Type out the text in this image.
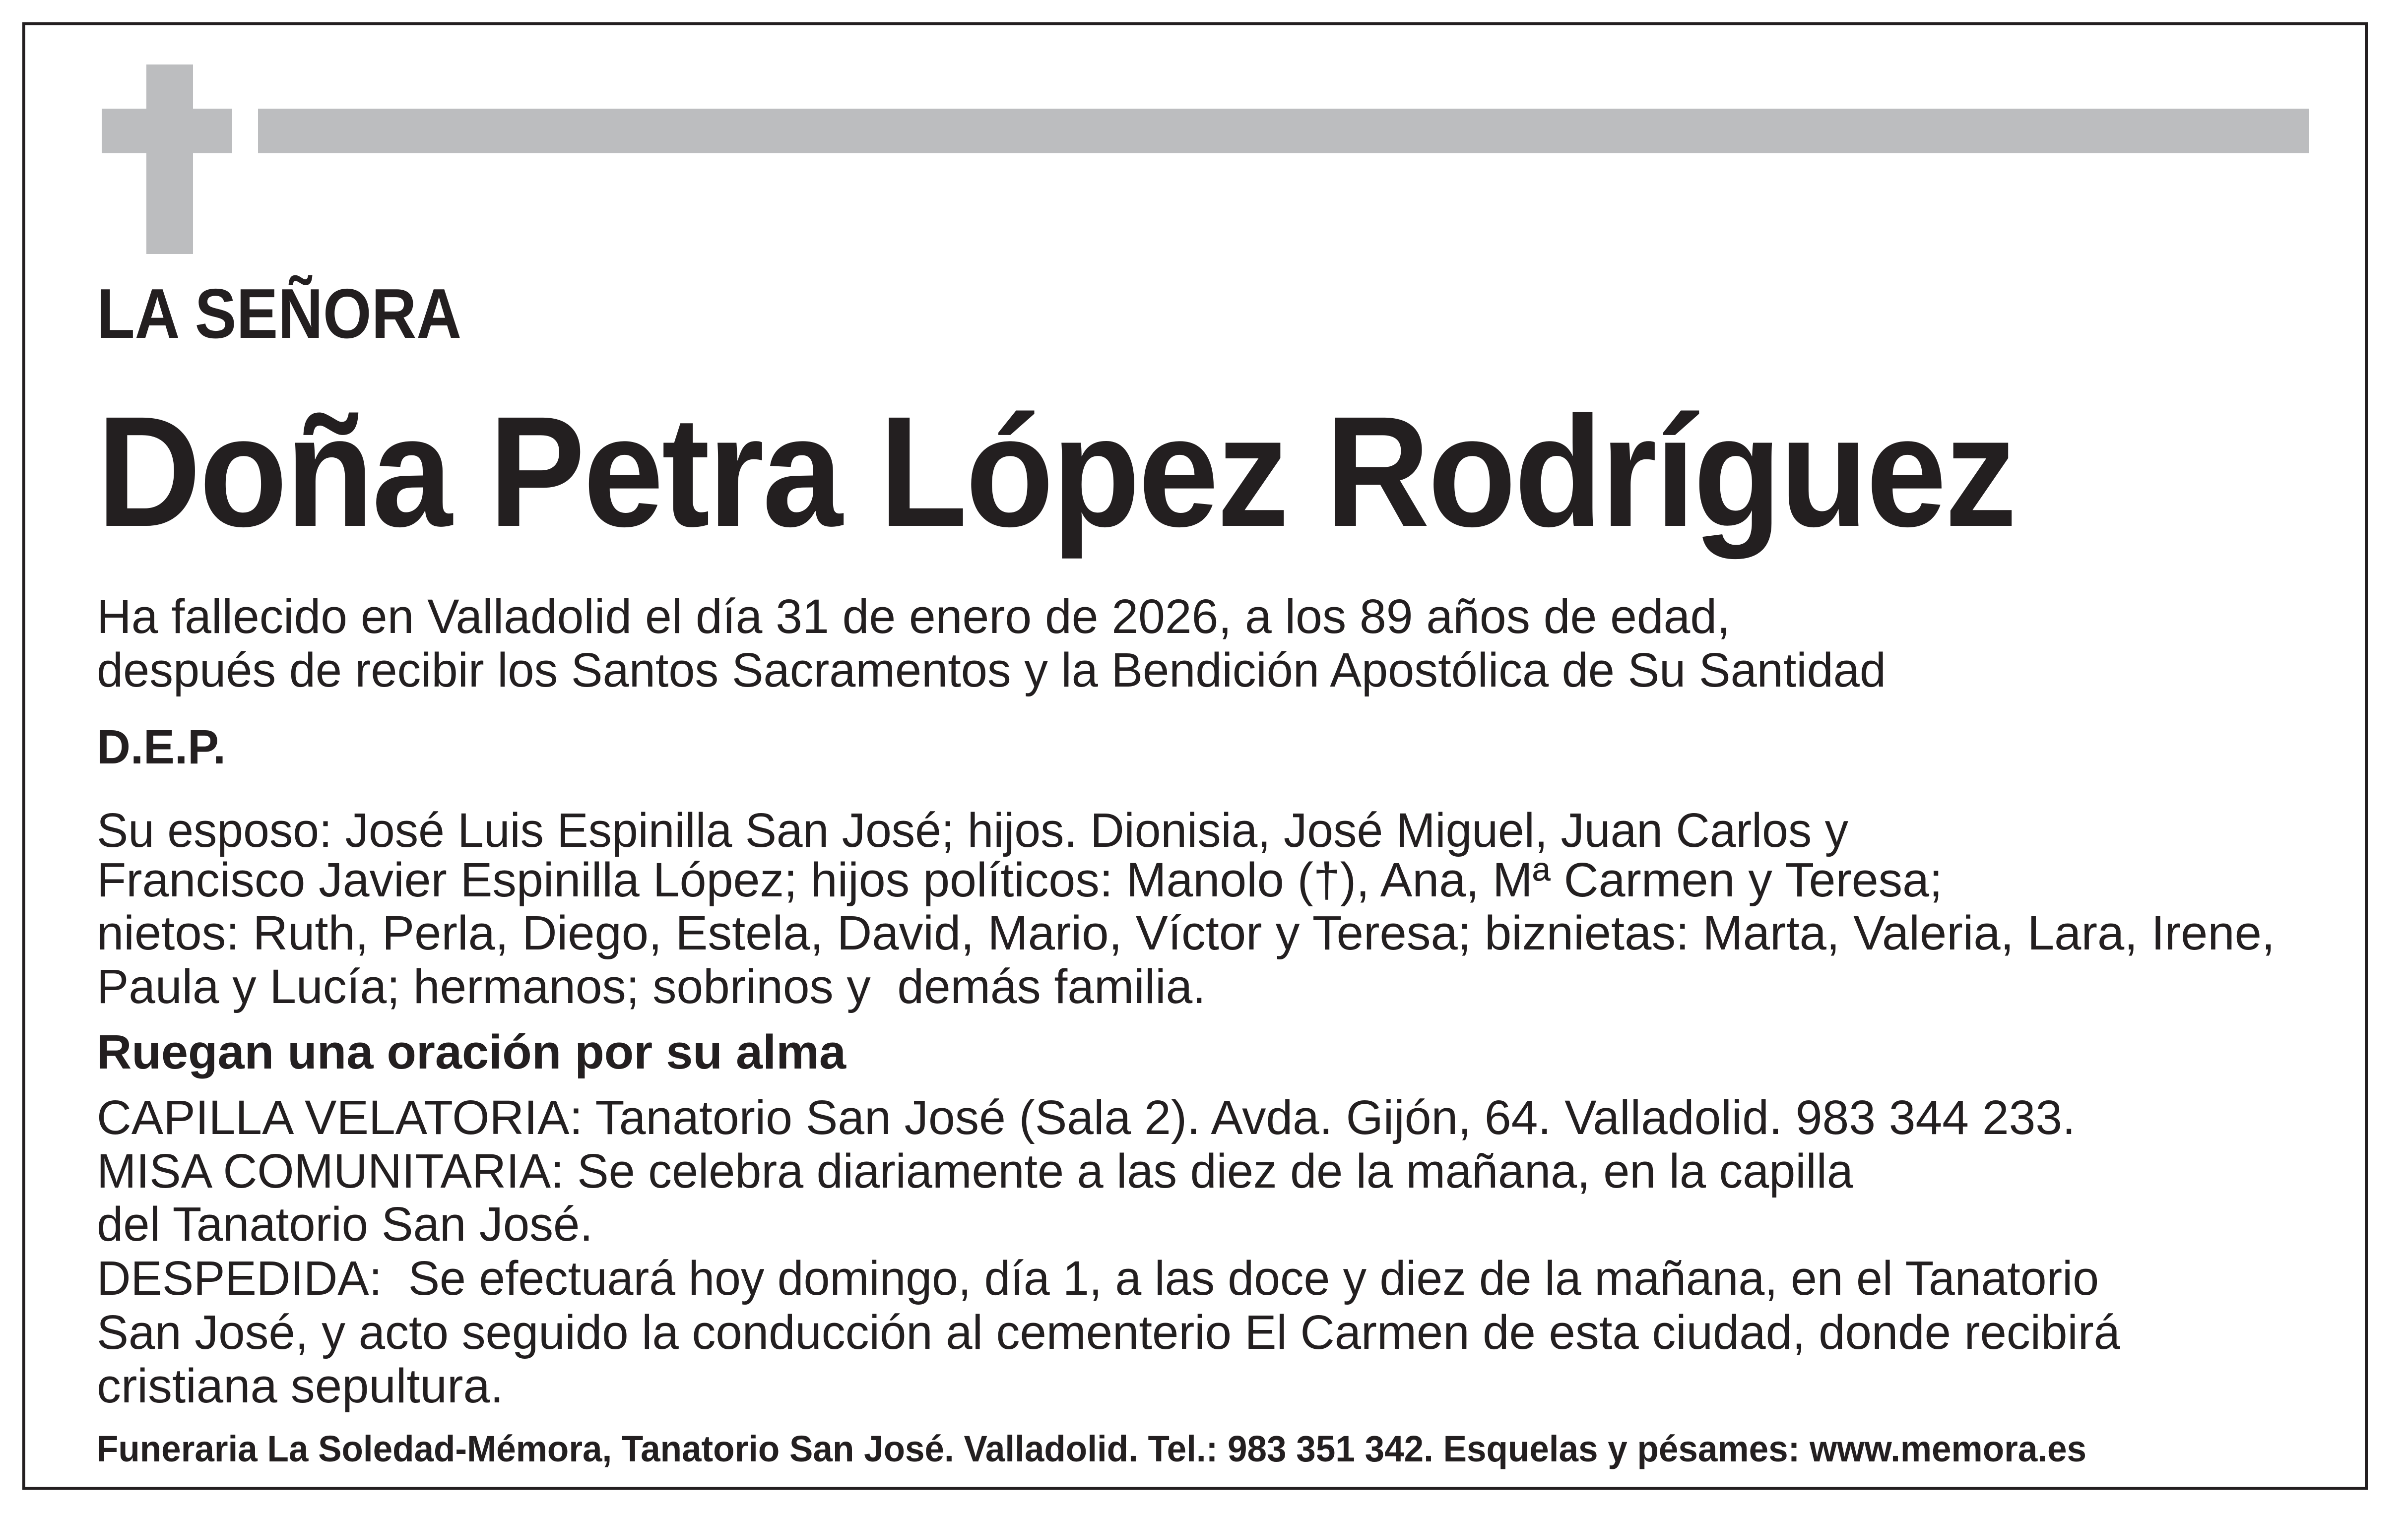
LA SEÑORA
Doña Petra López Rodríguez
Ha fallecido en Valladolid el día 31 de enero de 2026, a los 89 años de edad,
después de recibir los Santos Sacramentos y la Bendición Apostólica de Su Santidad
D.E.P.
Su esposo: José Luis Espinilla San José; hijos. Dionisia, José Miguel, Juan Carlos y
Francisco Javier Espinilla López; hijos políticos: Manolo (†), Ana, Mª Carmen y Teresa;
nietos: Ruth, Perla, Diego, Estela, David, Mario, Víctor y Teresa; biznietas: Marta, Valeria, Lara, Irene,
Paula y Lucía; hermanos; sobrinos y  demás familia.
Ruegan una oración por su alma
CAPILLA VELATORIA: Tanatorio San José (Sala 2). Avda. Gijón, 64. Valladolid. 983 344 233.
MISA COMUNITARIA: Se celebra diariamente a las diez de la mañana, en la capilla
del Tanatorio San José.
DESPEDIDA:  Se efectuará hoy domingo, día 1, a las doce y diez de la mañana, en el Tanatorio
San José, y acto seguido la conducción al cementerio El Carmen de esta ciudad, donde recibirá
cristiana sepultura.
Funeraria La Soledad-Mémora, Tanatorio San José. Valladolid. Tel.: 983 351 342. Esquelas y pésames: www.memora.es
